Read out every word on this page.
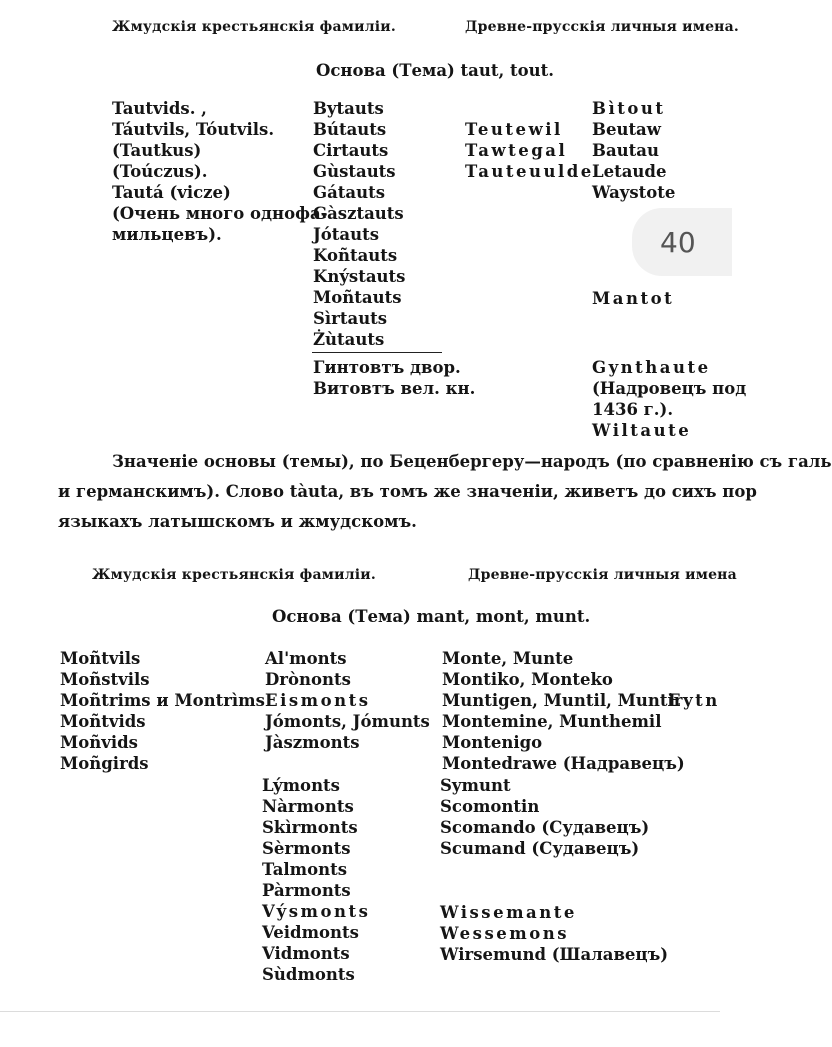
Жмудскія крестьянскія фамиліи.	Древне-прусскія личныя имена.
Основа (Тема) taut, tout.
Tautvids. ,
Táutvils, Tóutvils.
(Tautkus)
(Toúczus).
Tautá (vicze)
(Очень много однофа-
мильцевъ).
Bytauts
Bútauts
Cirtauts
Gùstauts
Gátauts
Gàsztauts
Jótauts
Koñtauts
Knýstauts
Moñtauts
Sìrtauts
Żùtauts
Гинтовтъ двор.
Витовтъ вел. кн.
Teutewil
Tawtegal
Tauteuulde
Bìtout
Beutaw
Bautau
Letaude
Waystote
Mantot
Gynthaute
(Надровецъ под
1436 г.).
Wiltaute
40
Значеніе основы (темы), по Беценбергеру—народъ (по сравненію съ галь
и германскимъ). Слово tàuta, въ томъ же значеніи, живетъ до сихъ пор
языкахъ латышскомъ и жмудскомъ.
Жмудскія крестьянскія фамиліи.	Древне-прусскія личныя имена
Основа (Тема) mant, mont, munt.
Moñtvils
Moñstvils
Moñtrims и Montrìms
Moñtvids
Moñvids
Moñgirds
Al'monts
Drònonts
Eismonts
Jómonts, Jómunts
Jàszmonts
Lýmonts
Nàrmonts
Skìrmonts
Sèrmonts
Talmonts
Pàrmonts
Výsmonts
Veidmonts
Vidmonts
Sùdmonts
Monte, Munte
Montiko, Monteko
Muntigen, Muntil, Muntir
Montemine, Munthemil
Montenigo
Montedrawe (Надравецъ)
Eytn
Symunt
Scomontin
Scomando (Судавецъ)
Scumand (Судавецъ)
Wissemante
Wessemons
Wirsemund (Шалавецъ)
